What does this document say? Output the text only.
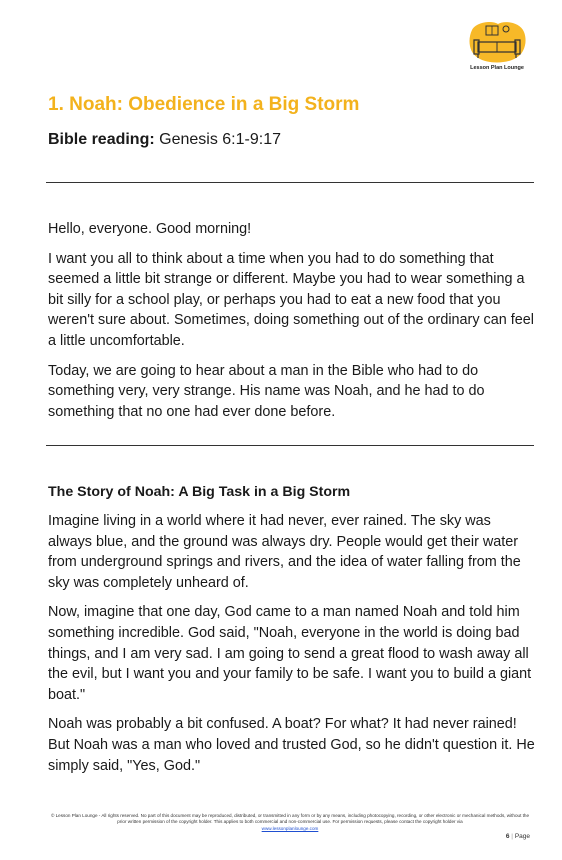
Lesson Plan Lounge
1. Noah: Obedience in a Big Storm
Bible reading: Genesis 6:1-9:17

Hello, everyone. Good morning!

I want you all to think about a time when you had to do something that seemed a little bit strange or different. Maybe you had to wear something a bit silly for a school play, or perhaps you had to eat a new food that you weren't sure about. Sometimes, doing something out of the ordinary can feel a little uncomfortable.

Today, we are going to hear about a man in the Bible who had to do something very, very strange. His name was Noah, and he had to do something that no one had ever done before.

The Story of Noah: A Big Task in a Big Storm

Imagine living in a world where it had never, ever rained. The sky was always blue, and the ground was always dry. People would get their water from underground springs and rivers, and the idea of water falling from the sky was completely unheard of.

Now, imagine that one day, God came to a man named Noah and told him something incredible. God said, "Noah, everyone in the world is doing bad things, and I am very sad. I am going to send a great flood to wash away all the evil, but I want you and your family to be safe. I want you to build a giant boat."

Noah was probably a bit confused. A boat? For what? It had never rained! But Noah was a man who loved and trusted God, so he didn't question it. He simply said, "Yes, God."

© Lesson Plan Lounge - All rights reserved. No part of this document may be reproduced, distributed, or transmitted in any form or by any means, including photocopying, recording, or other electronic or mechanical methods, without the prior written permission of the copyright holder. This applies to both commercial and non-commercial use. For permission requests, please contact the copyright holder via
www.lessonplanlounge.com
6 | Page
